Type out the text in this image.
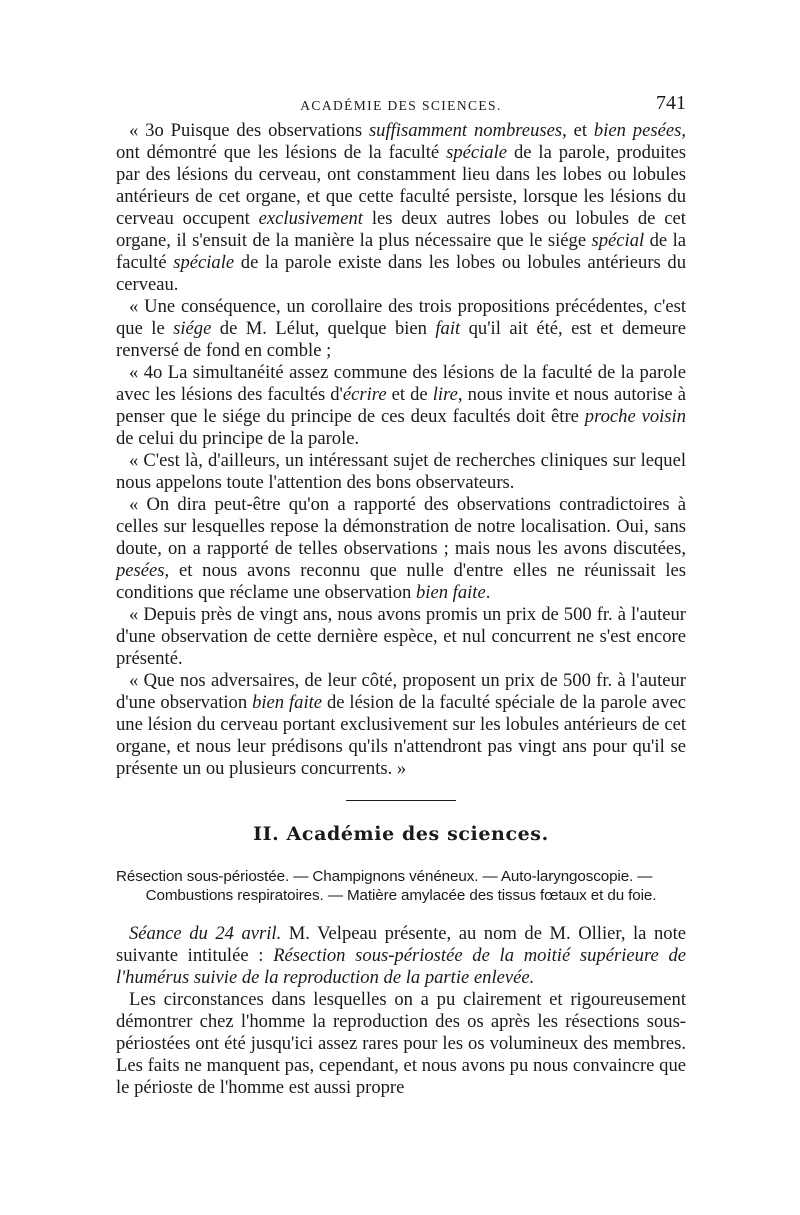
ACADÉMIE DES SCIENCES.	741

« 3o Puisque des observations suffisamment nombreuses, et bien pesées, ont démontré que les lésions de la faculté spéciale de la parole, produites par des lésions du cerveau, ont constamment lieu dans les lobes ou lobules antérieurs de cet organe, et que cette faculté persiste, lorsque les lésions du cerveau occupent exclusivement les deux autres lobes ou lobules de cet organe, il s'ensuit de la manière la plus nécessaire que le siége spécial de la faculté spéciale de la parole existe dans les lobes ou lobules antérieurs du cerveau.

« Une conséquence, un corollaire des trois propositions précédentes, c'est que le siége de M. Lélut, quelque bien fait qu'il ait été, est et demeure renversé de fond en comble ;

« 4o La simultanéité assez commune des lésions de la faculté de la parole avec les lésions des facultés d'écrire et de lire, nous invite et nous autorise à penser que le siége du principe de ces deux facultés doit être proche voisin de celui du principe de la parole.

« C'est là, d'ailleurs, un intéressant sujet de recherches cliniques sur lequel nous appelons toute l'attention des bons observateurs.

« On dira peut-être qu'on a rapporté des observations contradictoires à celles sur lesquelles repose la démonstration de notre localisation. Oui, sans doute, on a rapporté de telles observations ; mais nous les avons discutées, pesées, et nous avons reconnu que nulle d'entre elles ne réunissait les conditions que réclame une observation bien faite.

« Depuis près de vingt ans, nous avons promis un prix de 500 fr. à l'auteur d'une observation de cette dernière espèce, et nul concurrent ne s'est encore présenté.

« Que nos adversaires, de leur côté, proposent un prix de 500 fr. à l'auteur d'une observation bien faite de lésion de la faculté spéciale de la parole avec une lésion du cerveau portant exclusivement sur les lobules antérieurs de cet organe, et nous leur prédisons qu'ils n'attendront pas vingt ans pour qu'il se présente un ou plusieurs concurrents. »

II. Académie des sciences.
Résection sous-périostée. — Champignons vénéneux. — Auto-laryngoscopie. —
Combustions respiratoires. — Matière amylacée des tissus fœtaux et du foie.

Séance du 24 avril. M. Velpeau présente, au nom de M. Ollier, la note suivante intitulée : Résection sous-périostée de la moitié supérieure de l'humérus suivie de la reproduction de la partie enlevée.

Les circonstances dans lesquelles on a pu clairement et rigoureusement démontrer chez l'homme la reproduction des os après les résections sous-périostées ont été jusqu'ici assez rares pour les os volumineux des membres. Les faits ne manquent pas, cependant, et nous avons pu nous convaincre que le périoste de l'homme est aussi propre
